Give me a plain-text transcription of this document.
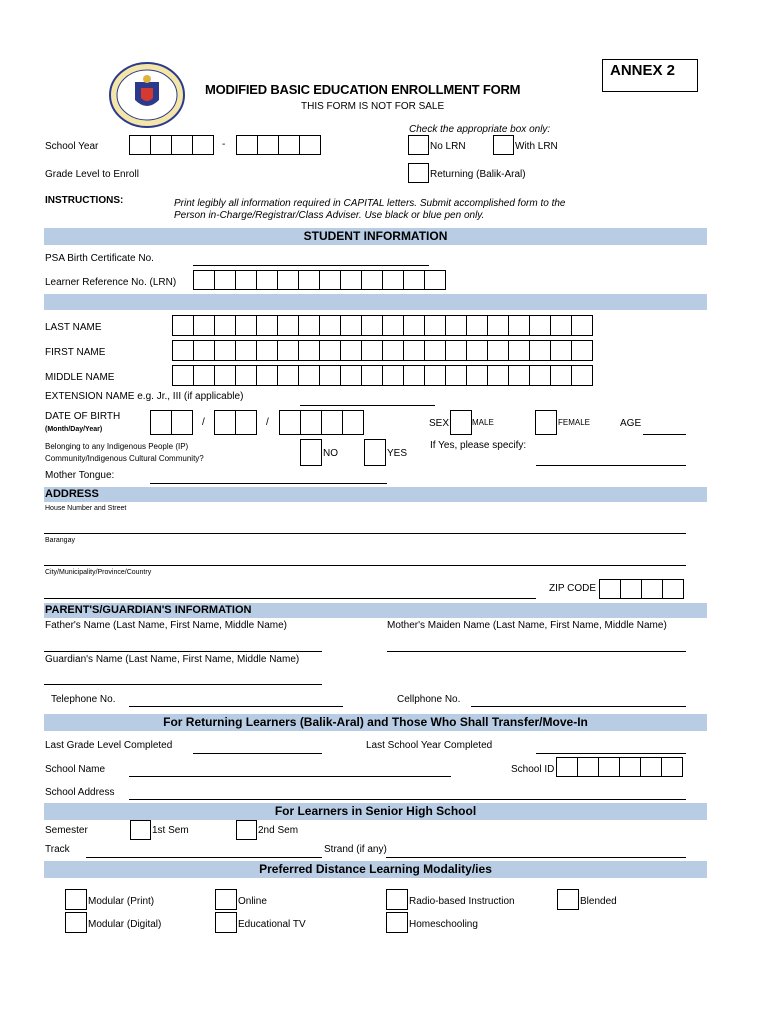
ANNEX 2
MODIFIED BASIC EDUCATION ENROLLMENT FORM
THIS FORM IS NOT FOR SALE
Check the appropriate box only:
School Year	-	No LRN	With LRN
Grade Level to Enroll	Returning (Balik-Aral)
INSTRUCTIONS:	Print legibly all information required in CAPITAL letters. Submit accomplished form to the
Person in-Charge/Registrar/Class Adviser. Use black or blue pen only.
STUDENT INFORMATION
PSA Birth Certificate No.
Learner Reference No. (LRN)
LAST NAME
FIRST NAME
MIDDLE NAME
EXTENSION NAME e.g. Jr., III (if applicable)
DATE OF BIRTH
(Month/Day/Year)
/	/	SEX	MALE	FEMALE	AGE
Belonging to any Indigenous People (IP)
Community/Indigenous Cultural Community?	NO	YES
If Yes, please specify:
Mother Tongue:
ADDRESS
House Number and Street
Barangay
City/Municipality/Province/Country
ZIP CODE
PARENT'S/GUARDIAN'S INFORMATION
Father's Name (Last Name, First Name, Middle Name)	Mother's Maiden Name (Last Name, First Name, Middle Name)
Guardian's Name (Last Name, First Name, Middle Name)
Telephone No.	Cellphone No.
For Returning Learners (Balik-Aral) and Those Who Shall Transfer/Move-In
Last Grade Level Completed	Last School Year Completed
School Name	School ID
School Address
For Learners in Senior High School
Semester	1st Sem	2nd Sem
Track	Strand (if any)
Preferred Distance Learning Modality/ies
Modular (Print)	Online	Radio-based Instruction	Blended
Modular (Digital)	Educational TV	Homeschooling
